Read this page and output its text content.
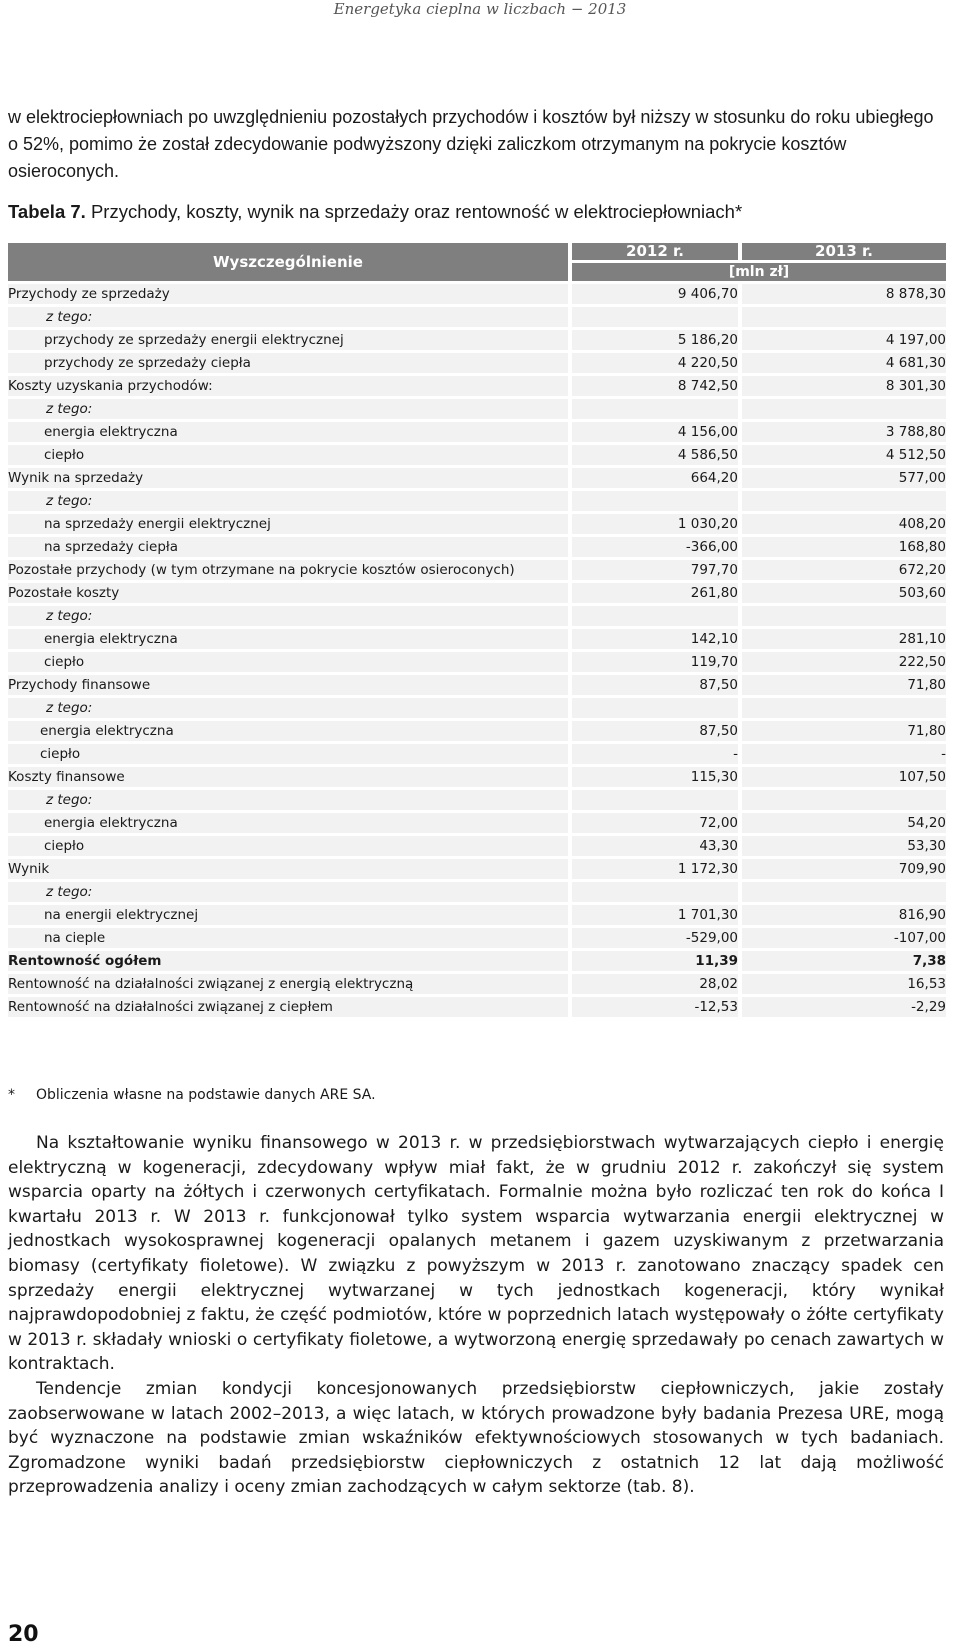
Energetyka cieplna w liczbach − 2013

w elektrociepłowniach po uwzględnieniu pozostałych przychodów i kosztów był niższy w stosunku do roku ubiegłego o 52%, pomimo że został zdecydowanie podwyższony dzięki zaliczkom otrzymanym na pokrycie kosztów osieroconych.

Tabela 7. Przychody, koszty, wynik na sprzedaży oraz rentowność w elektrociepłowniach*

Wyszczególnienie	2012 r.	2013 r.
	[mln zł]	
Przychody ze sprzedaży	9 406,70	8 878,30
z tego:		
przychody ze sprzedaży energii elektrycznej	5 186,20	4 197,00
przychody ze sprzedaży ciepła	4 220,50	4 681,30
Koszty uzyskania przychodów:	8 742,50	8 301,30
z tego:		
energia elektryczna	4 156,00	3 788,80
ciepło	4 586,50	4 512,50
Wynik na sprzedaży	664,20	577,00
z tego:		
na sprzedaży energii elektrycznej	1 030,20	408,20
na sprzedaży ciepła	-366,00	168,80
Pozostałe przychody (w tym otrzymane na pokrycie kosztów osieroconych)	797,70	672,20
Pozostałe koszty	261,80	503,60
z tego:		
energia elektryczna	142,10	281,10
ciepło	119,70	222,50
Przychody finansowe	87,50	71,80
z tego:		
energia elektryczna	87,50	71,80
ciepło	-	-
Koszty finansowe	115,30	107,50
z tego:		
energia elektryczna	72,00	54,20
ciepło	43,30	53,30
Wynik	1 172,30	709,90
z tego:		
na energii elektrycznej	1 701,30	816,90
na cieple	-529,00	-107,00
Rentowność ogółem	11,39	7,38
Rentowność na działalności związanej z energią elektryczną	28,02	16,53
Rentowność na działalności związanej z ciepłem	-12,53	-2,29

* Obliczenia własne na podstawie danych ARE SA.

Na kształtowanie wyniku finansowego w 2013 r. w przedsiębiorstwach wytwarzających ciepło i energię elektryczną w kogeneracji, zdecydowany wpływ miał fakt, że w grudniu 2012 r. zakończył się system wsparcia oparty na żółtych i czerwonych certyfikatach. Formalnie można było rozliczać ten rok do końca I kwartału 2013 r. W 2013 r. funkcjonował tylko system wsparcia wytwarzania energii elektrycznej w jednostkach wysokosprawnej kogeneracji opalanych metanem i gazem uzyskiwanym z przetwarzania biomasy (certyfikaty fioletowe). W związku z powyższym w 2013 r. zanotowano znaczący spadek cen sprzedaży energii elektrycznej wytwarzanej w tych jednostkach kogeneracji, który wynikał najprawdopodobniej z faktu, że część podmiotów, które w poprzednich latach występowały o żółte certyfikaty w 2013 r. składały wnioski o certyfikaty fioletowe, a wytworzoną energię sprzedawały po cenach zawartych w kontraktach.

Tendencje zmian kondycji koncesjonowanych przedsiębiorstw ciepłowniczych, jakie zostały zaobserwowane w latach 2002–2013, a więc latach, w których prowadzone były badania Prezesa URE, mogą być wyznaczone na podstawie zmian wskaźników efektywnościowych stosowanych w tych badaniach. Zgromadzone wyniki badań przedsiębiorstw ciepłowniczych z ostatnich 12 lat dają możliwość przeprowadzenia analizy i oceny zmian zachodzących w całym sektorze (tab. 8).

20
